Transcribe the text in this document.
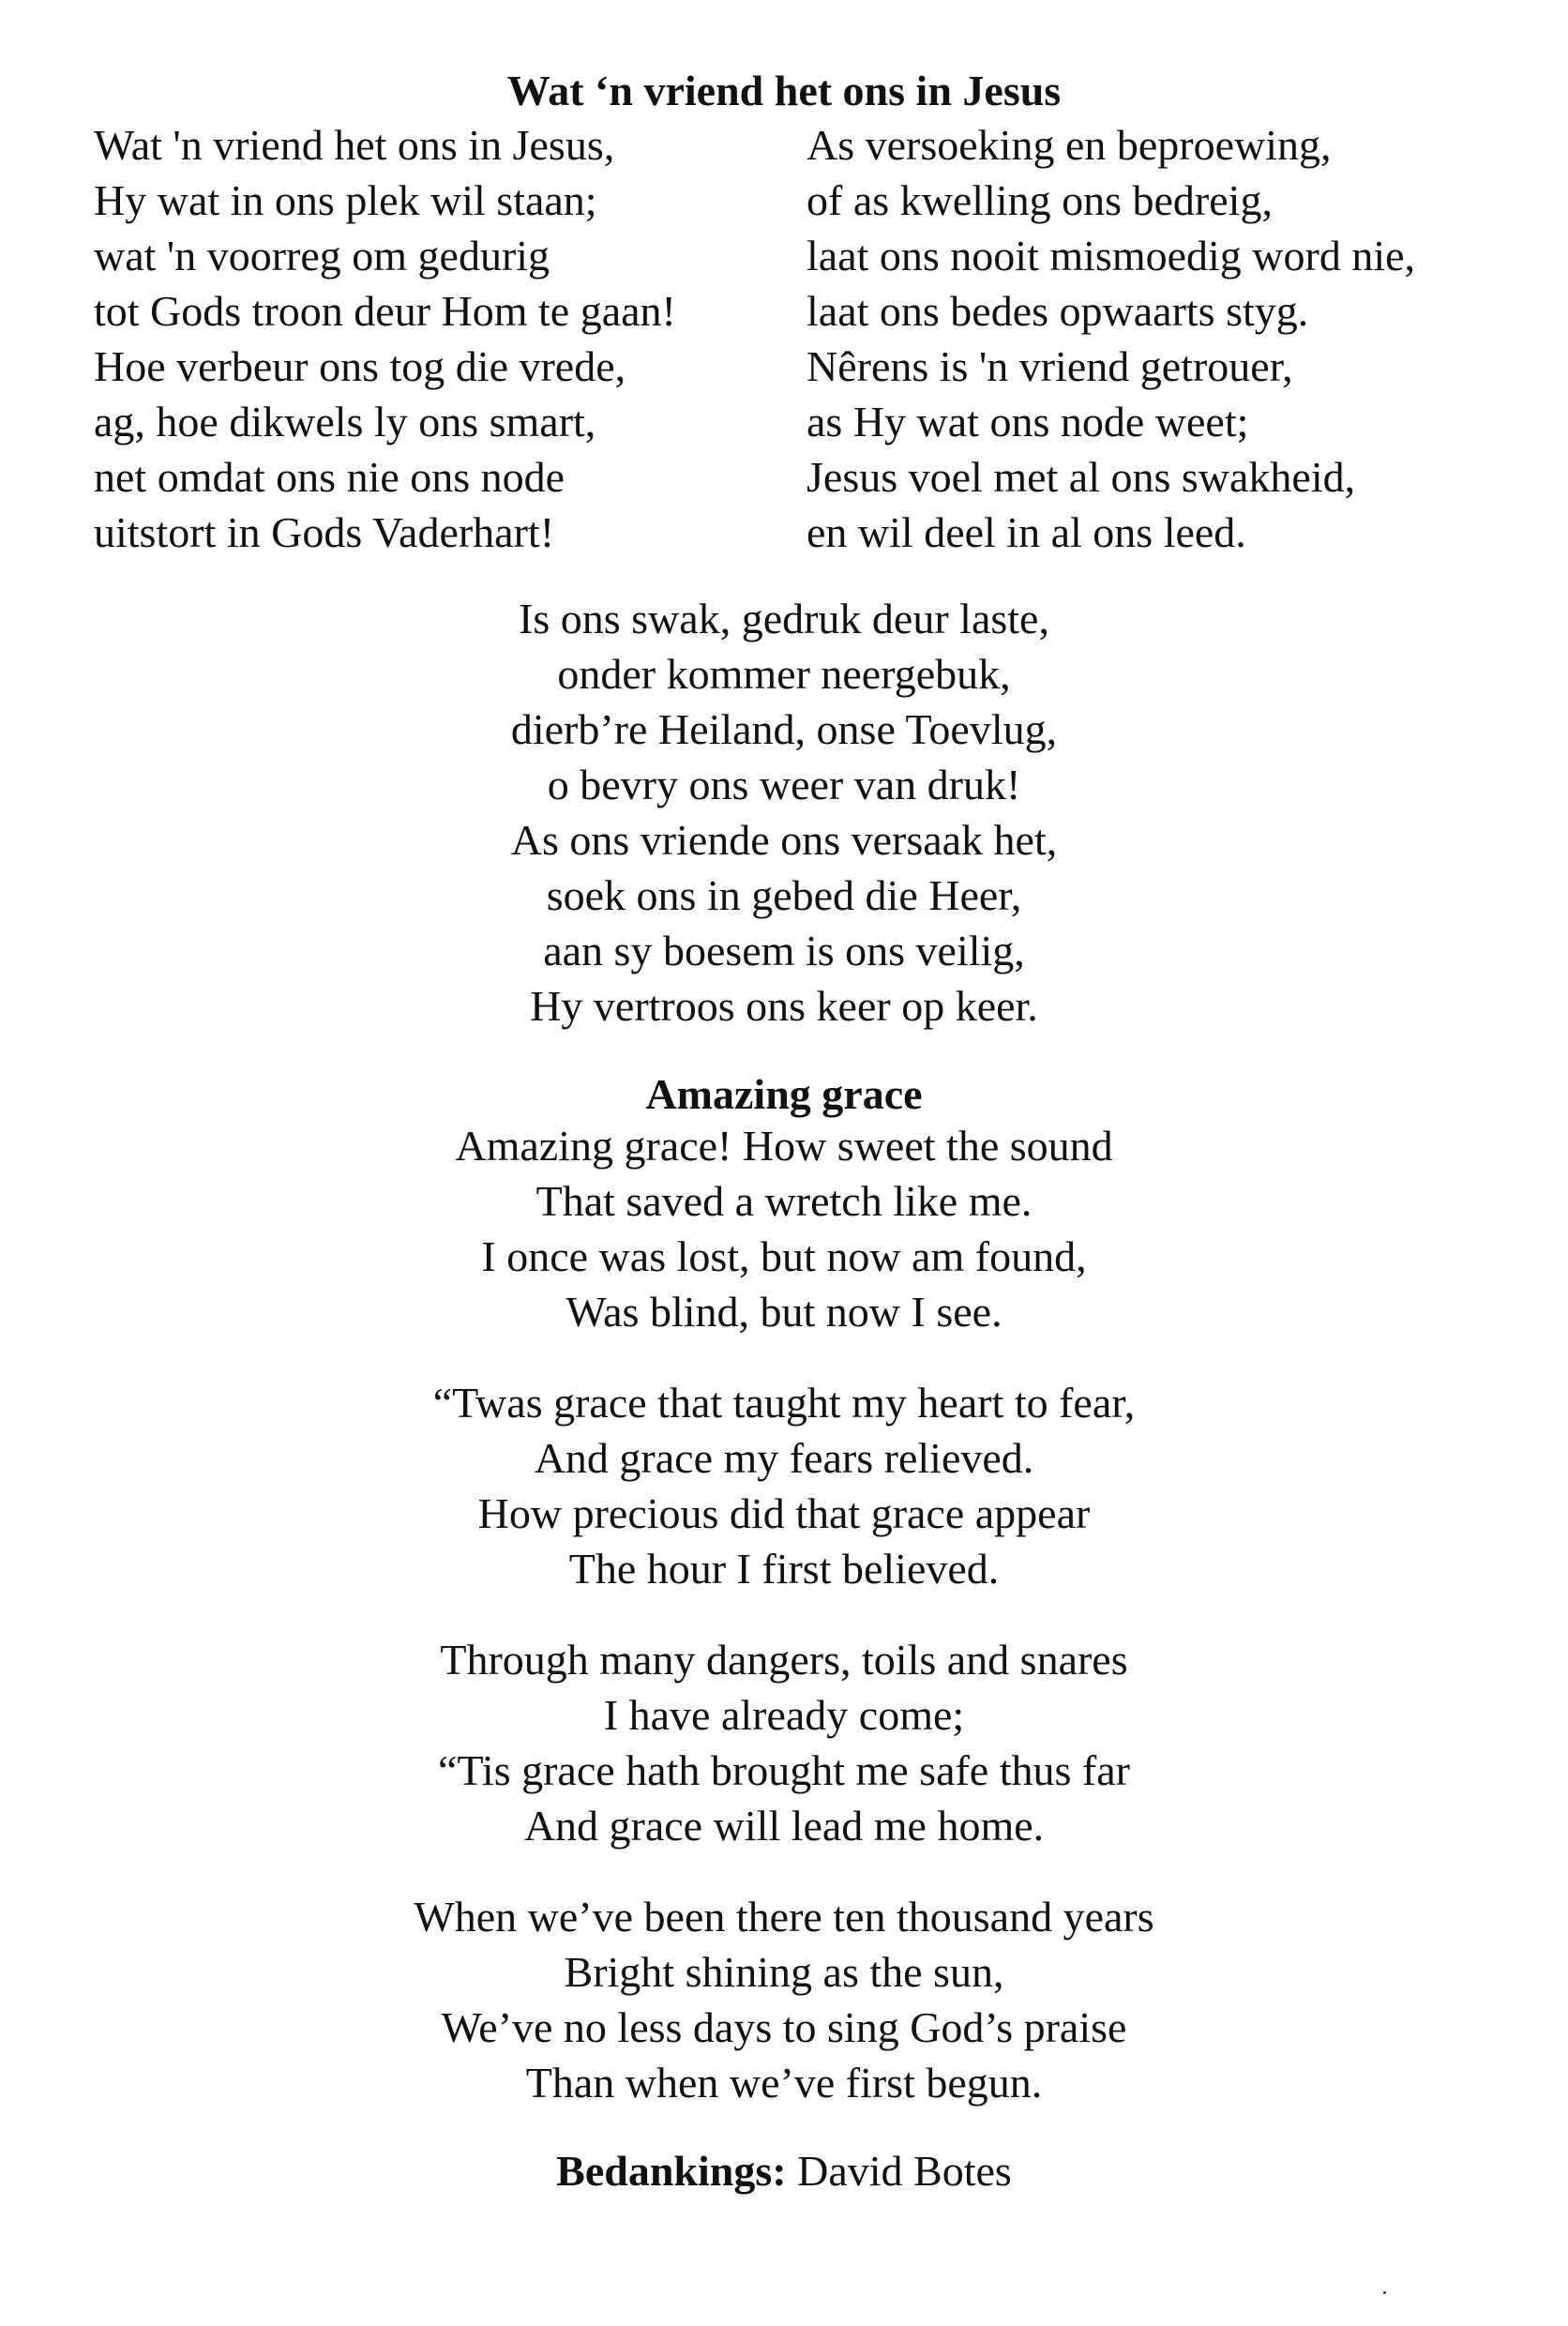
Wat ‘n vriend het ons in Jesus
Wat 'n vriend het ons in Jesus,
Hy wat in ons plek wil staan;
wat 'n voorreg om gedurig
tot Gods troon deur Hom te gaan!
Hoe verbeur ons tog die vrede,
ag, hoe dikwels ly ons smart,
net omdat ons nie ons node
uitstort in Gods Vaderhart!
As versoeking en beproewing,
of as kwelling ons bedreig,
laat ons nooit mismoedig word nie,
laat ons bedes opwaarts styg.
Nêrens is 'n vriend getrouer,
as Hy wat ons node weet;
Jesus voel met al ons swakheid,
en wil deel in al ons leed.
Is ons swak, gedruk deur laste,
onder kommer neergebuk,
dierb’re Heiland, onse Toevlug,
o bevry ons weer van druk!
As ons vriende ons versaak het,
soek ons in gebed die Heer,
aan sy boesem is ons veilig,
Hy vertroos ons keer op keer.
Amazing grace
Amazing grace! How sweet the sound
That saved a wretch like me.
I once was lost, but now am found,
Was blind, but now I see.
“Twas grace that taught my heart to fear,
And grace my fears relieved.
How precious did that grace appear
The hour I first believed.
Through many dangers, toils and snares
I have already come;
“Tis grace hath brought me safe thus far
And grace will lead me home.
When we’ve been there ten thousand years
Bright shining as the sun,
We’ve no less days to sing God’s praise
Than when we’ve first begun.
Bedankings: David Botes
